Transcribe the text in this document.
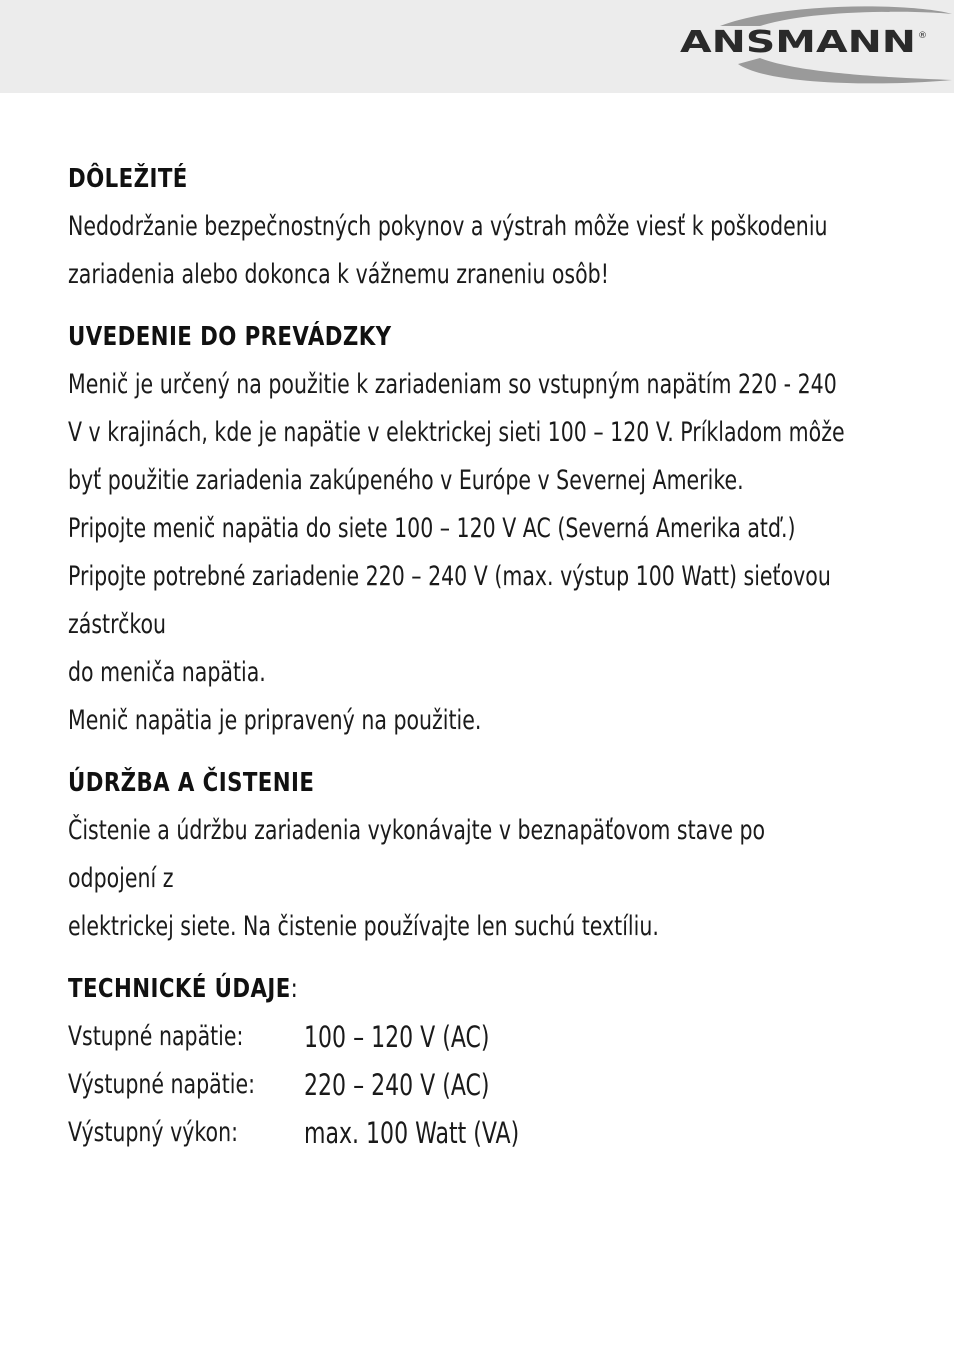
ANSMANN ®
DÔLEŽITÉ
Nedodržanie bezpečnostných pokynov a výstrah môže viesť k poškodeniu
zariadenia alebo dokonca k vážnemu zraneniu osôb!
UVEDENIE DO PREVÁDZKY
Menič je určený na použitie k zariadeniam so vstupným napätím 220 - 240
V v krajinách, kde je napätie v elektrickej sieti 100 – 120 V. Príkladom môže
byť použitie zariadenia zakúpeného v Európe v Severnej Amerike.
Pripojte menič napätia do siete 100 – 120 V AC (Severná Amerika atď.)
Pripojte potrebné zariadenie 220 – 240 V (max. výstup 100 Watt) sieťovou
zástrčkou
do meniča napätia.
Menič napätia je pripravený na použitie.
ÚDRŽBA A ČISTENIE
Čistenie a údržbu zariadenia vykonávajte v beznapäťovom stave po
odpojení z
elektrickej siete. Na čistenie používajte len suchú textíliu.
TECHNICKÉ ÚDAJE:
Vstupné napätie: 100 – 120 V (AC)
Výstupné napätie: 220 – 240 V (AC)
Výstupný výkon: max. 100 Watt (VA)
